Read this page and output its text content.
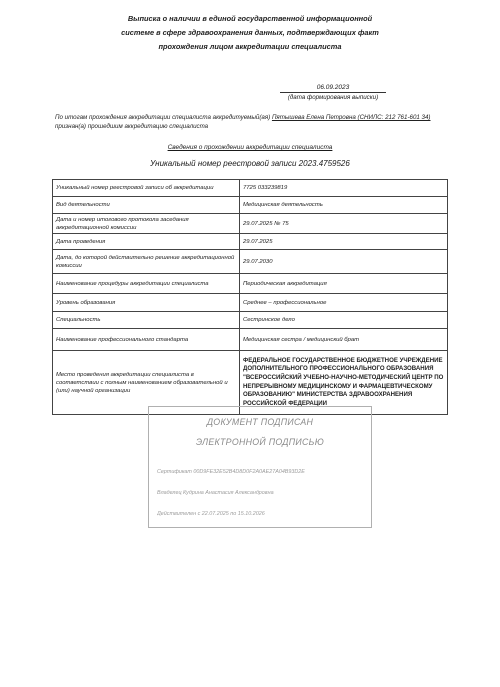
Выписка о наличии в единой государственной информационной
системе в сфере здравоохранения данных, подтверждающих факт
прохождения лицом аккредитации специалиста
06.09.2023
(дата формирования выписки)
По итогам прохождения аккредитации специалиста аккредитуемый(ая) Пятышева Елена Петровна (СНИЛС: 212 761-601 34) признан(а) прошедшим аккредитацию специалиста
Сведения о прохождении аккредитации специалиста
Уникальный номер реестровой записи 2023.4759526
Уникальный номер реестровой записи об аккредитации	7725 033239819
Вид деятельности	Медицинская деятельность
Дата и номер итогового протокола заседания аккредитационной комиссии	29.07.2025 № 75
Дата проведения	29.07.2025
Дата, до которой действительно решение аккредитационной комиссии	29.07.2030
Наименование процедуры аккредитации специалиста	Периодическая аккредитация
Уровень образования	Среднее – профессиональное
Специальность	Сестринское дело
Наименование профессионального стандарта	Медицинская сестра / медицинский брат
Место проведения аккредитации специалиста в соответствии с полным наименованием образовательной и (или) научной организации	ФЕДЕРАЛЬНОЕ ГОСУДАРСТВЕННОЕ БЮДЖЕТНОЕ УЧРЕЖДЕНИЕ ДОПОЛНИТЕЛЬНОГО ПРОФЕССИОНАЛЬНОГО ОБРАЗОВАНИЯ "ВСЕРОССИЙСКИЙ УЧЕБНО-НАУЧНО-МЕТОДИЧЕСКИЙ ЦЕНТР ПО НЕПРЕРЫВНОМУ МЕДИЦИНСКОМУ И ФАРМАЦЕВТИЧЕСКОМУ ОБРАЗОВАНИЮ" МИНИСТЕРСТВА ЗДРАВООХРАНЕНИЯ РОССИЙСКОЙ ФЕДЕРАЦИИ
ДОКУМЕНТ ПОДПИСАН
ЭЛЕКТРОННОЙ ПОДПИСЬЮ
Сертификат 00D9FE32E52B4D8D0F2A0AE27A04B93D2E
Владелец Кудрина Анастасия Александровна
Действителен с 22.07.2025 по 15.10.2026
